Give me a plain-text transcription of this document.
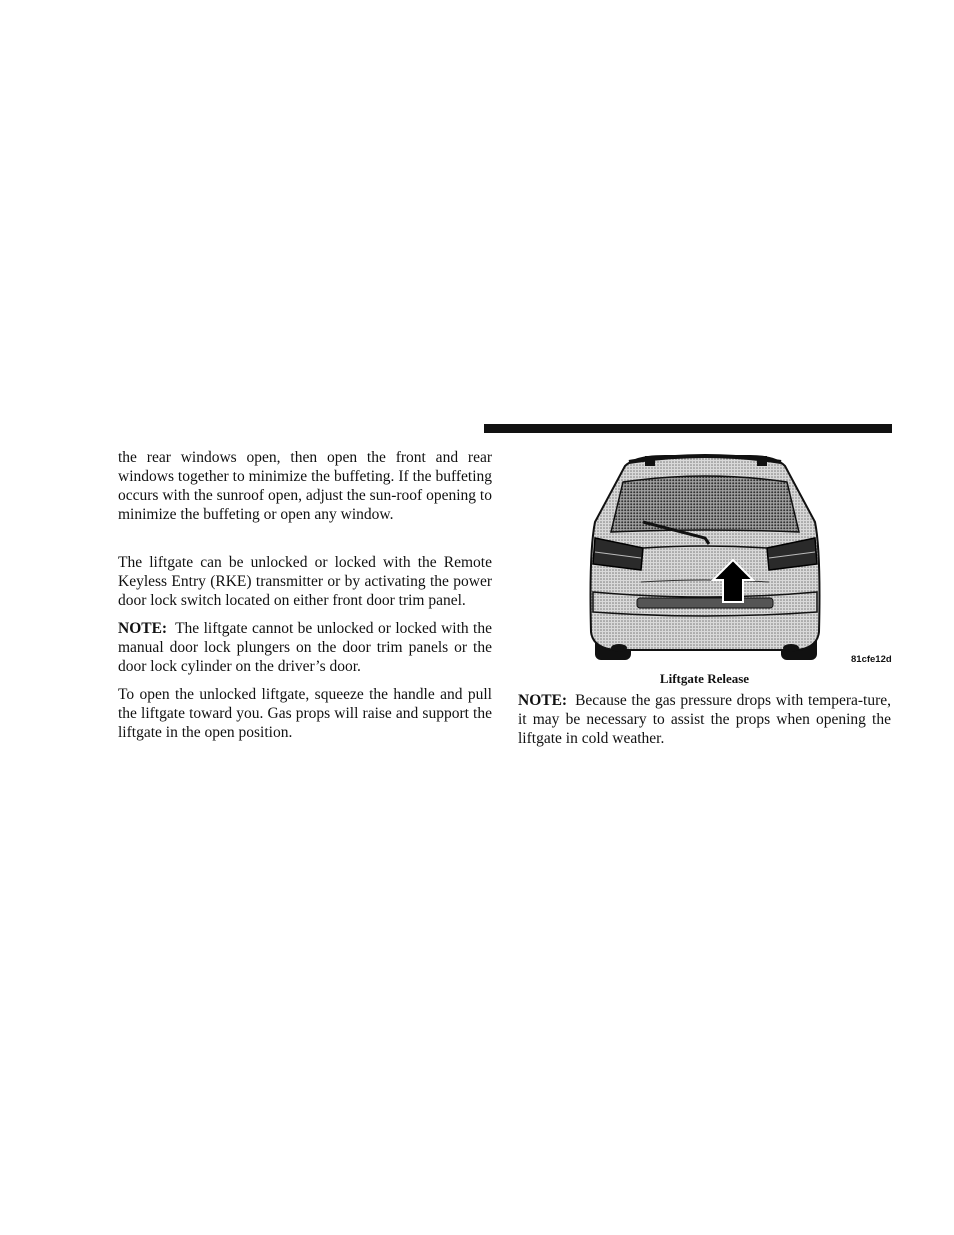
the rear windows open, then open the front and rear windows together to minimize the buffeting. If the buffeting occurs with the sunroof open, adjust the sun-roof opening to minimize the buffeting or open any window.

The liftgate can be unlocked or locked with the Remote Keyless Entry (RKE) transmitter or by activating the power door lock switch located on either front door trim panel.

NOTE: The liftgate cannot be unlocked or locked with the manual door lock plungers on the door trim panels or the door lock cylinder on the driver’s door.

To open the unlocked liftgate, squeeze the handle and pull the liftgate toward you. Gas props will raise and support the liftgate in the open position.

81cfe12d
Liftgate Release

NOTE: Because the gas pressure drops with tempera-ture, it may be necessary to assist the props when opening the liftgate in cold weather.
